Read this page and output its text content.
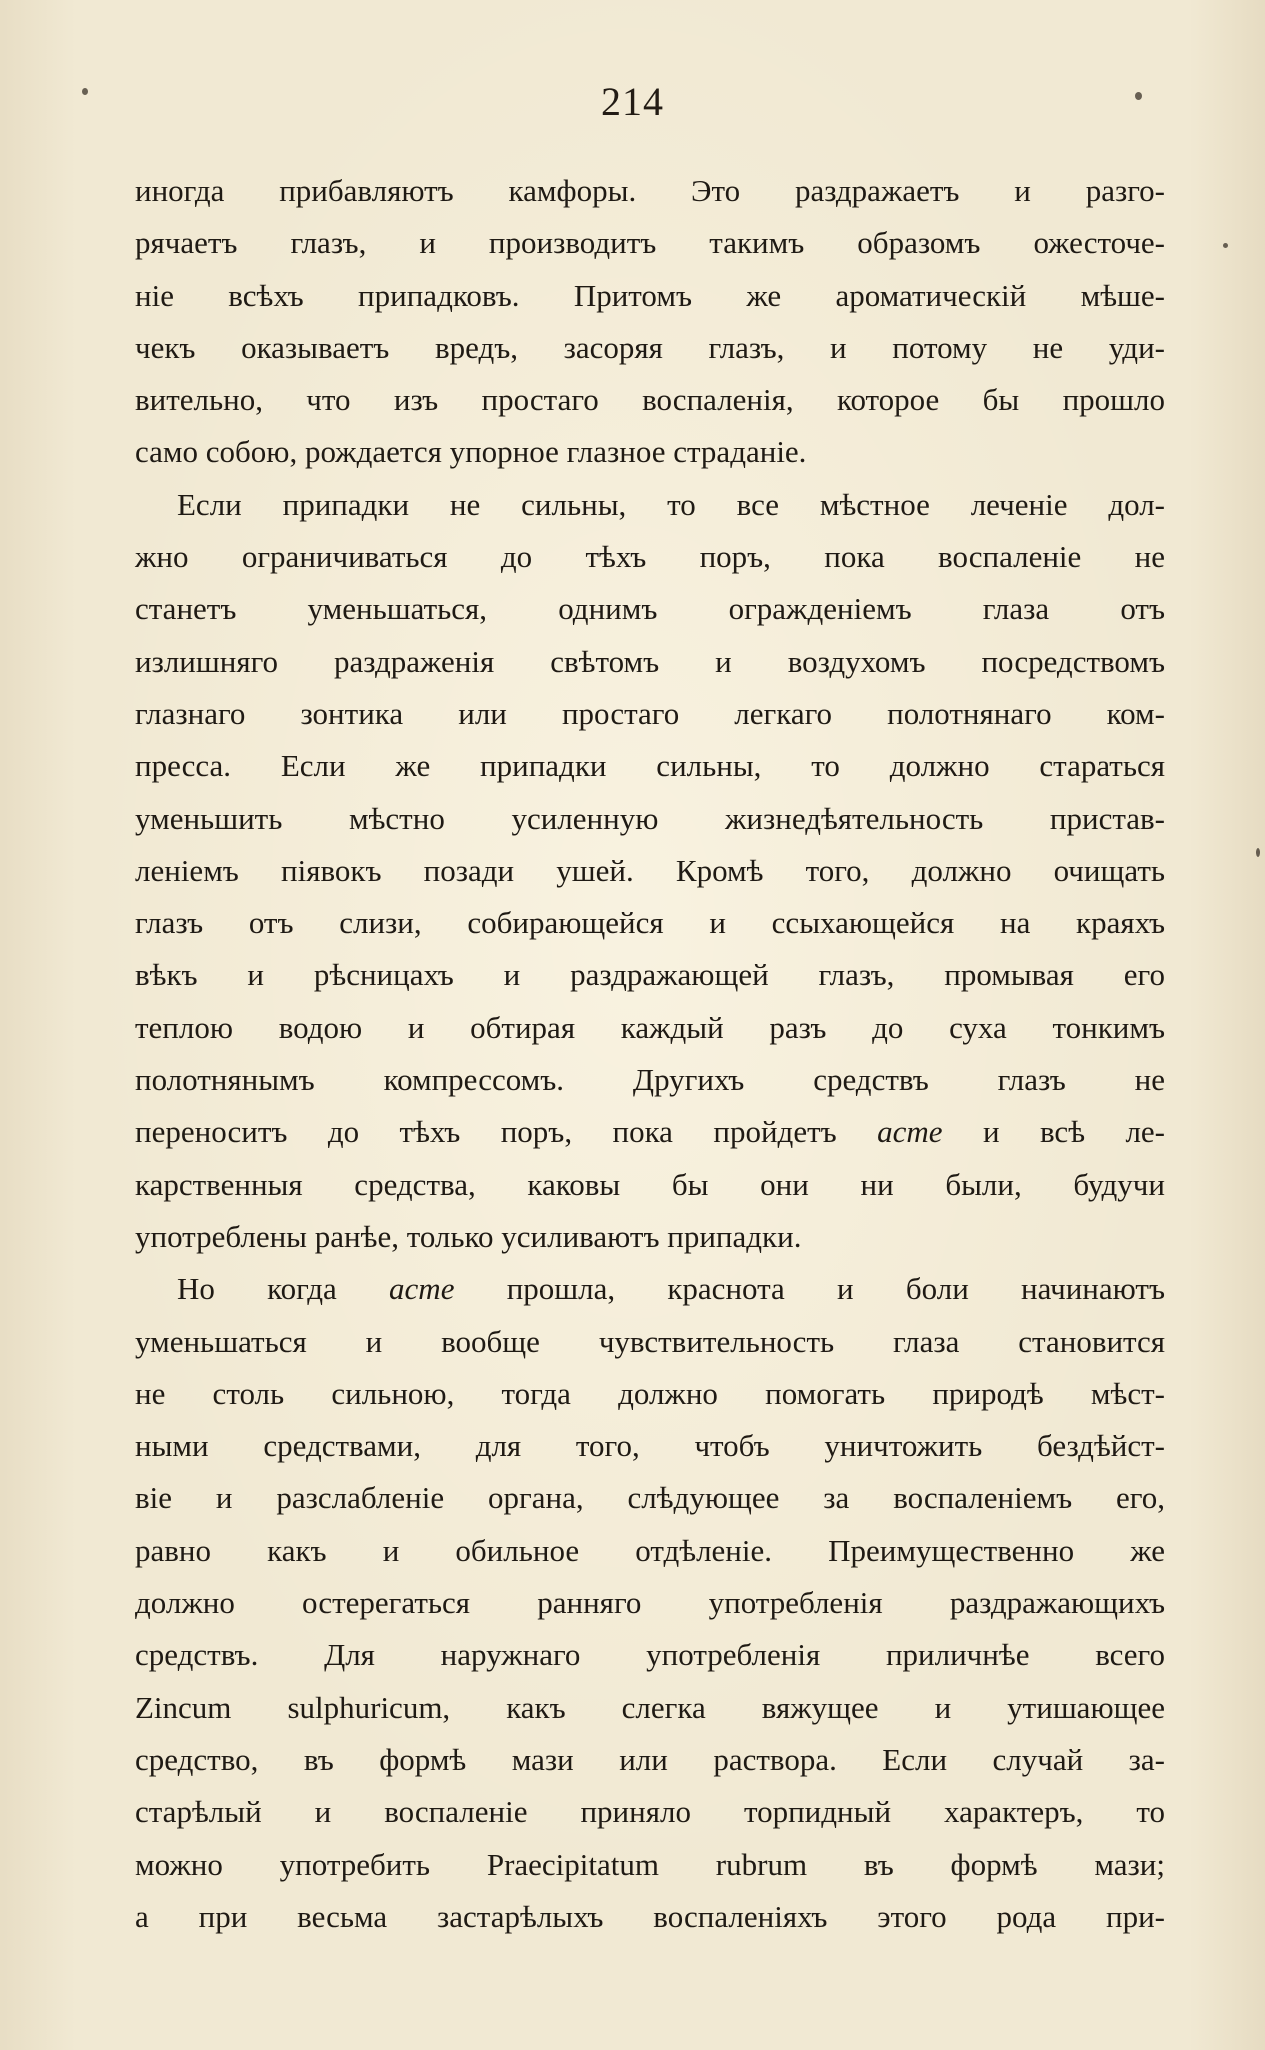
214
иногда прибавляютъ камфоры. Это раздражаетъ и разго-
рячаетъ глазъ, и производитъ такимъ образомъ ожесточе-
ніе всѣхъ припадковъ. Притомъ же ароматическій мѣше-
чекъ оказываетъ вредъ, засоряя глазъ, и потому не уди-
вительно, что изъ простаго воспаленія, которое бы прошло
само собою, рождается упорное глазное страданіе.
Если припадки не сильны, то все мѣстное леченіе дол-
жно ограничиваться до тѣхъ поръ, пока воспаленіе не
станетъ уменьшаться, однимъ огражденіемъ глаза отъ
излишняго раздраженія свѣтомъ и воздухомъ посредствомъ
глазнаго зонтика или простаго легкаго полотнянаго ком-
пресса. Если же припадки сильны, то должно стараться
уменьшить мѣстно усиленную жизнедѣятельность пристав-
леніемъ піявокъ позади ушей. Кромѣ того, должно очищать
глазъ отъ слизи, собирающейся и ссыхающейся на краяхъ
вѣкъ и рѣсницахъ и раздражающей глазъ, промывая его
теплою водою и обтирая каждый разъ до суха тонкимъ
полотнянымъ компрессомъ. Другихъ средствъ глазъ не
переноситъ до тѣхъ поръ, пока пройдетъ acme и всѣ ле-
карственныя средства, каковы бы они ни были, будучи
употреблены ранѣе, только усиливаютъ припадки.
Но когда acme прошла, краснота и боли начинаютъ
уменьшаться и вообще чувствительность глаза становится
не столь сильною, тогда должно помогать природѣ мѣст-
ными средствами, для того, чтобъ уничтожить бездѣйст-
віе и разслабленіе органа, слѣдующее за воспаленіемъ его,
равно какъ и обильное отдѣленіе. Преимущественно же
должно остерегаться ранняго употребленія раздражающихъ
средствъ. Для наружнаго употребленія приличнѣе всего
Zincum sulphuricum, какъ слегка вяжущее и утишающее
средство, въ формѣ мази или раствора. Если случай за-
старѣлый и воспаленіе приняло торпидный характеръ, то
можно употребить Praecipitatum rubrum въ формѣ мази;
а при весьма застарѣлыхъ воспаленіяхъ этого рода при-
